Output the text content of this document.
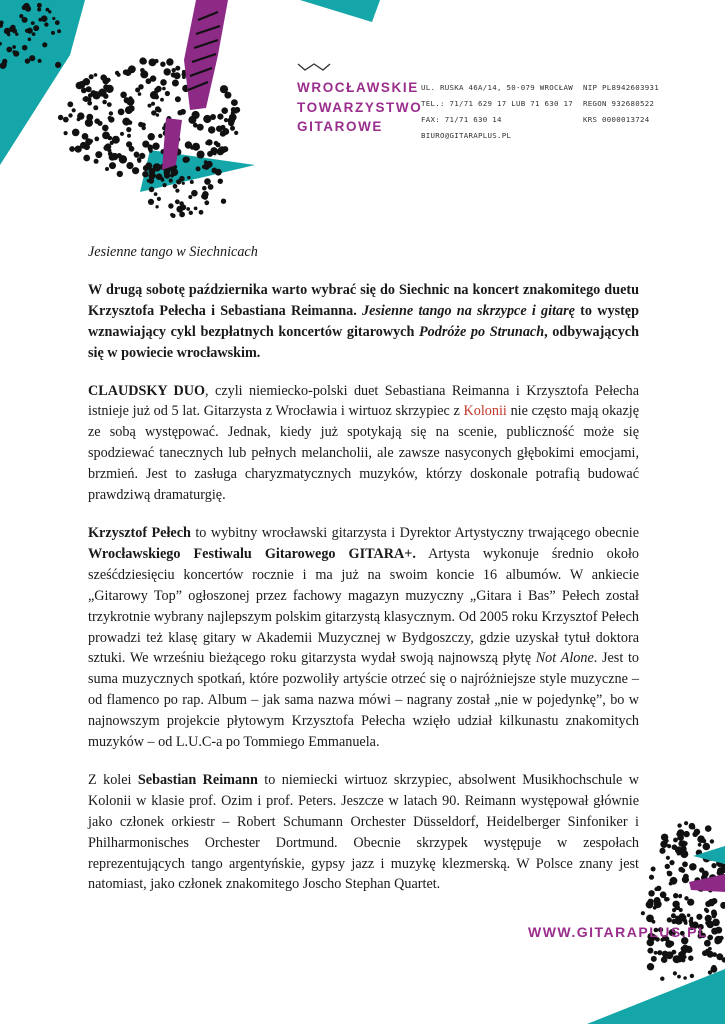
WROCŁAWSKIE
TOWARZYSTWO
GITAROWE
UL. RUSKA 46A/14, 50-079 WROCŁAW
TEL.: 71/71 629 17 LUB 71 630 17
FAX: 71/71 630 14
BIURO@GITARAPLUS.PL
NIP PL8942603931
REGON 932680522
KRS 0000013724

Jesienne tango w Siechnicach

W drugą sobotę października warto wybrać się do Siechnic na koncert znakomitego duetu Krzysztofa Pełecha i Sebastiana Reimanna. Jesienne tango na skrzypce i gitarę to występ wznawiający cykl bezpłatnych koncertów gitarowych Podróże po Strunach, odbywających się w powiecie wrocławskim.

CLAUDSKY DUO, czyli niemiecko-polski duet Sebastiana Reimanna i Krzysztofa Pełecha istnieje już od 5 lat. Gitarzysta z Wrocławia i wirtuoz skrzypiec z Kolonii nie często mają okazję ze sobą występować. Jednak, kiedy już spotykają się na scenie, publiczność może się spodziewać tanecznych lub pełnych melancholii, ale zawsze nasyconych głębokimi emocjami, brzmień. Jest to zasługa charyzmatycznych muzyków, którzy doskonale potrafią budować prawdziwą dramaturgię.

Krzysztof Pełech to wybitny wrocławski gitarzysta i Dyrektor Artystyczny trwającego obecnie Wrocławskiego Festiwalu Gitarowego GITARA+. Artysta wykonuje średnio około sześćdziesięciu koncertów rocznie i ma już na swoim koncie 16 albumów. W ankiecie „Gitarowy Top” ogłoszonej przez fachowy magazyn muzyczny „Gitara i Bas” Pełech został trzykrotnie wybrany najlepszym polskim gitarzystą klasycznym. Od 2005 roku Krzysztof Pełech prowadzi też klasę gitary w Akademii Muzycznej w Bydgoszczy, gdzie uzyskał tytuł doktora sztuki. We wrześniu bieżącego roku gitarzysta wydał swoją najnowszą płytę Not Alone. Jest to suma muzycznych spotkań, które pozwoliły artyście otrzeć się o najróżniejsze style muzyczne – od flamenco po rap. Album – jak sama nazwa mówi – nagrany został „nie w pojedynkę”, bo w najnowszym projekcie płytowym Krzysztofa Pełecha wzięło udział kilkunastu znakomitych muzyków – od L.U.C-a po Tommiego Emmanuela.

Z kolei Sebastian Reimann to niemiecki wirtuoz skrzypiec, absolwent Musikhochschule w Kolonii w klasie prof. Ozim i prof. Peters. Jeszcze w latach 90. Reimann występował głównie jako członek orkiestr – Robert Schumann Orchester Düsseldorf, Heidelberger Sinfoniker i Philharmonisches Orchester Dortmund. Obecnie skrzypek występuje w zespołach reprezentujących tango argentyńskie, gypsy jazz i muzykę klezmerską. W Polsce znany jest natomiast, jako członek znakomitego Joscho Stephan Quartet.

WWW.GITARAPLUS.PL
